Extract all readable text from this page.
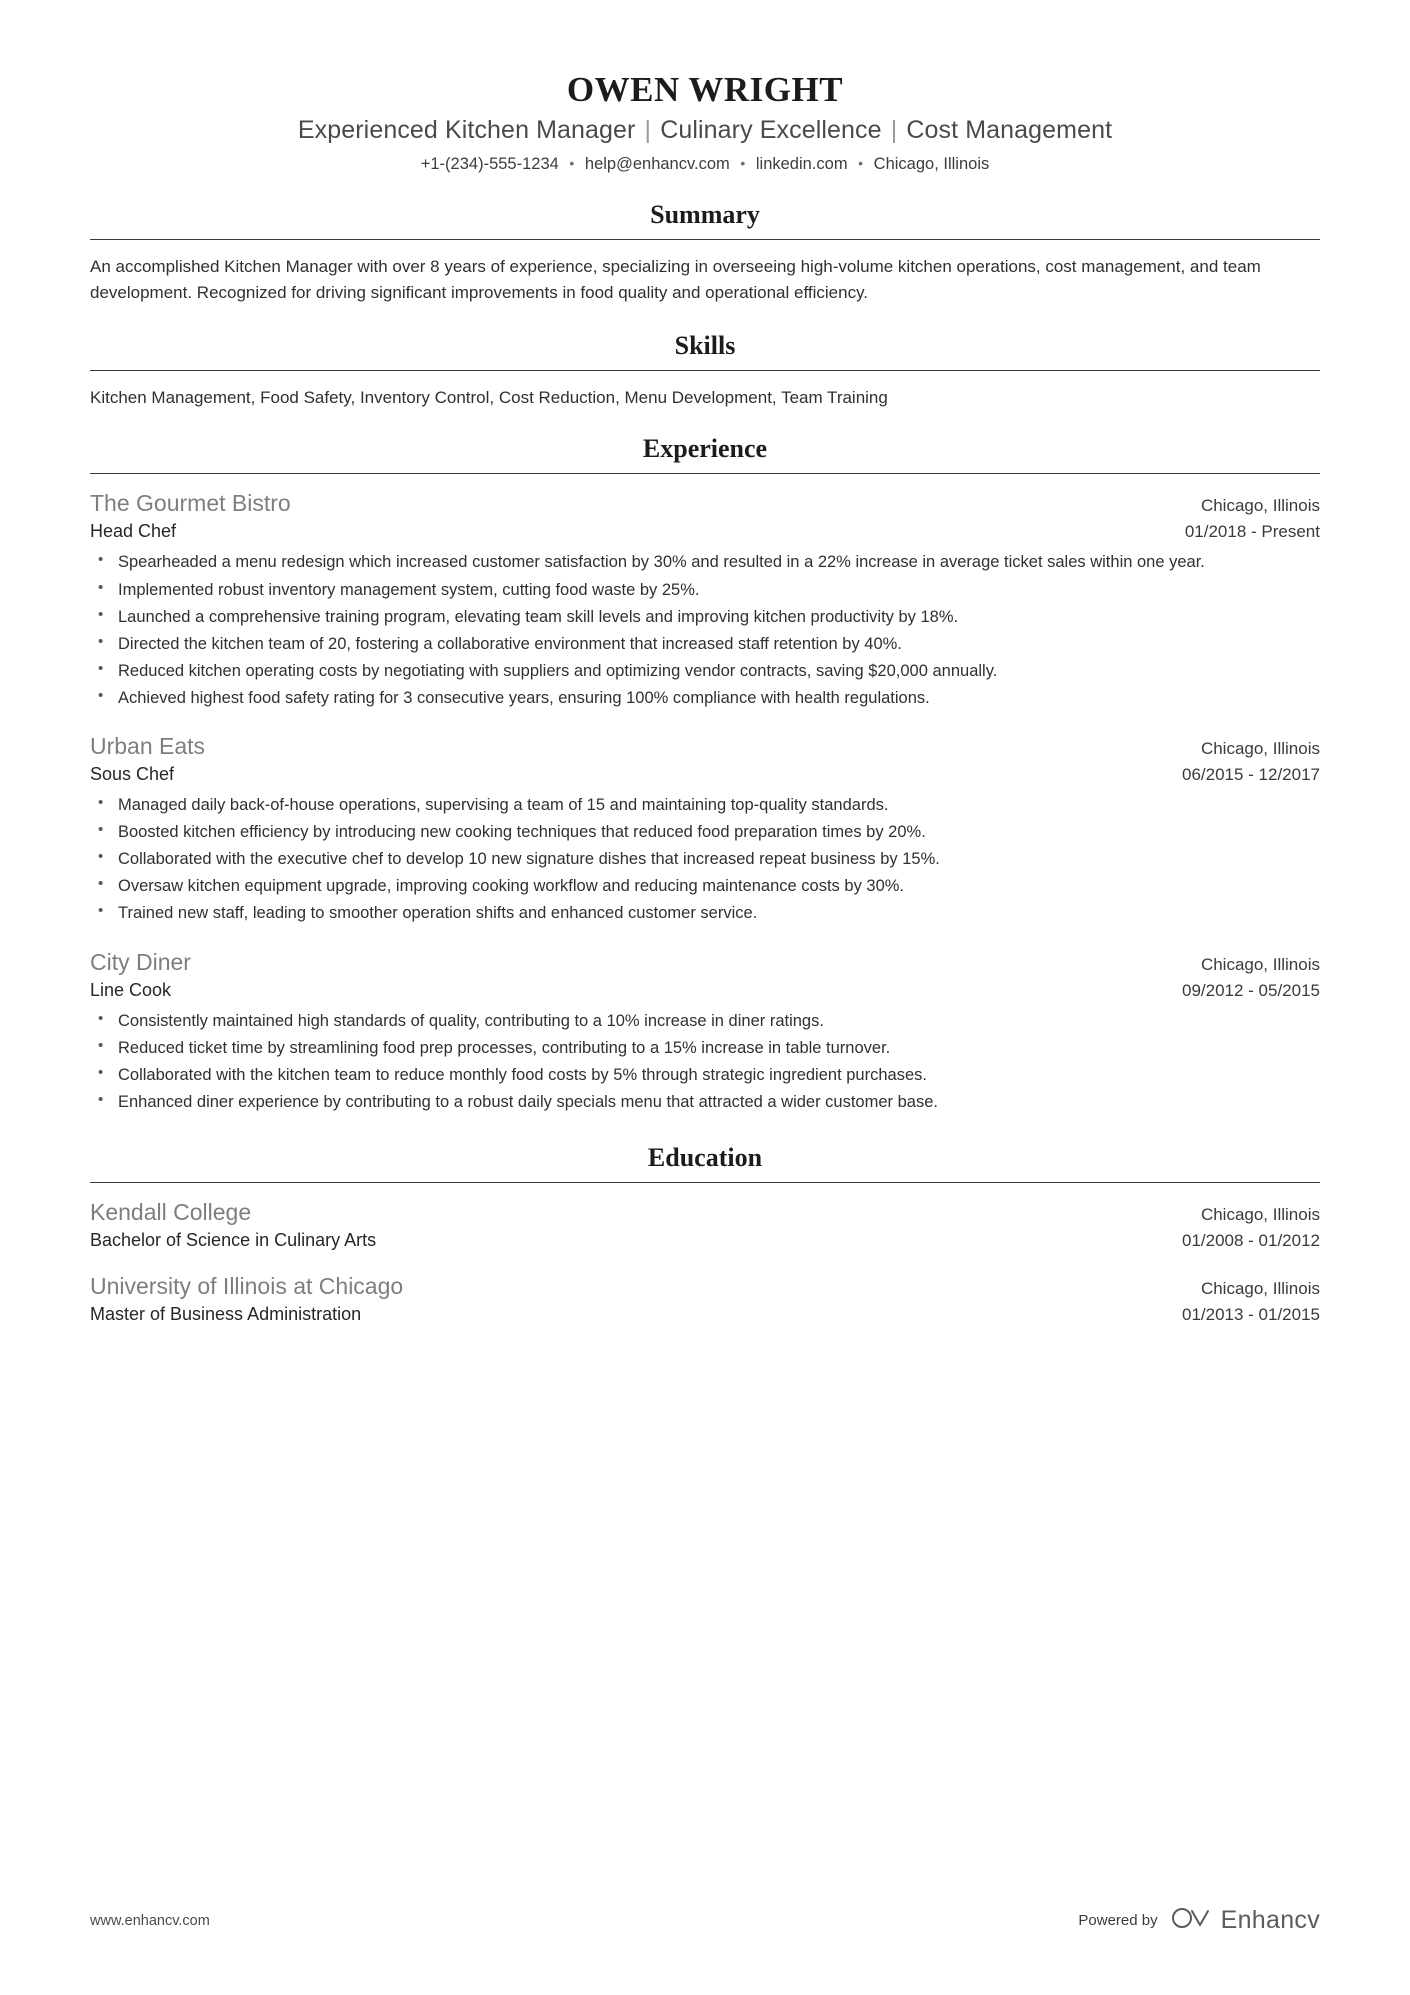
OWEN WRIGHT
Experienced Kitchen Manager | Culinary Excellence | Cost Management
+1-(234)-555-1234 • help@enhancv.com • linkedin.com • Chicago, Illinois
Summary
An accomplished Kitchen Manager with over 8 years of experience, specializing in overseeing high-volume kitchen operations, cost management, and team development. Recognized for driving significant improvements in food quality and operational efficiency.
Skills
Kitchen Management, Food Safety, Inventory Control, Cost Reduction, Menu Development, Team Training
Experience
The Gourmet Bistro	Chicago, Illinois
Head Chef	01/2018 - Present
• Spearheaded a menu redesign which increased customer satisfaction by 30% and resulted in a 22% increase in average ticket sales within one year.
• Implemented robust inventory management system, cutting food waste by 25%.
• Launched a comprehensive training program, elevating team skill levels and improving kitchen productivity by 18%.
• Directed the kitchen team of 20, fostering a collaborative environment that increased staff retention by 40%.
• Reduced kitchen operating costs by negotiating with suppliers and optimizing vendor contracts, saving $20,000 annually.
• Achieved highest food safety rating for 3 consecutive years, ensuring 100% compliance with health regulations.
Urban Eats	Chicago, Illinois
Sous Chef	06/2015 - 12/2017
• Managed daily back-of-house operations, supervising a team of 15 and maintaining top-quality standards.
• Boosted kitchen efficiency by introducing new cooking techniques that reduced food preparation times by 20%.
• Collaborated with the executive chef to develop 10 new signature dishes that increased repeat business by 15%.
• Oversaw kitchen equipment upgrade, improving cooking workflow and reducing maintenance costs by 30%.
• Trained new staff, leading to smoother operation shifts and enhanced customer service.
City Diner	Chicago, Illinois
Line Cook	09/2012 - 05/2015
• Consistently maintained high standards of quality, contributing to a 10% increase in diner ratings.
• Reduced ticket time by streamlining food prep processes, contributing to a 15% increase in table turnover.
• Collaborated with the kitchen team to reduce monthly food costs by 5% through strategic ingredient purchases.
• Enhanced diner experience by contributing to a robust daily specials menu that attracted a wider customer base.
Education
Kendall College	Chicago, Illinois
Bachelor of Science in Culinary Arts	01/2008 - 01/2012
University of Illinois at Chicago	Chicago, Illinois
Master of Business Administration	01/2013 - 01/2015
www.enhancv.com	Powered by	Enhancv
